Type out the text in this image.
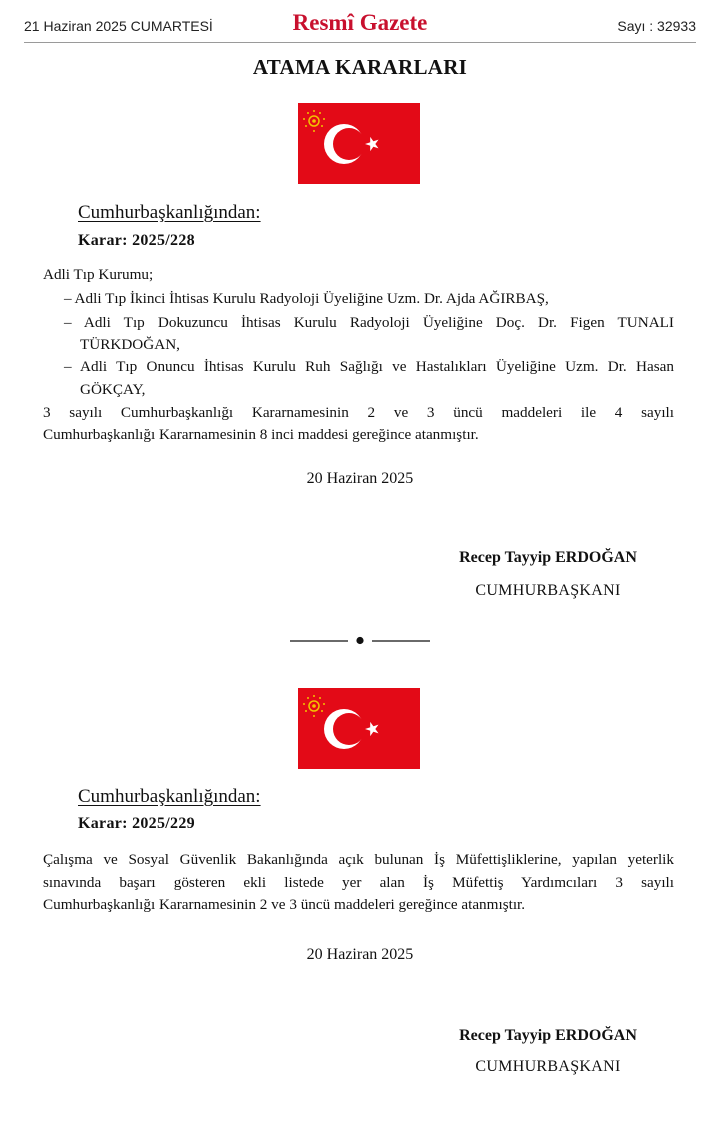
21 Haziran 2025 CUMARTESİ	Resmî Gazete	Sayı : 32933
ATAMA KARARLARI
Cumhurbaşkanlığından:
Karar: 2025/228
Adli Tıp Kurumu;
– Adli Tıp İkinci İhtisas Kurulu Radyoloji Üyeliğine Uzm. Dr. Ajda AĞIRBAŞ,
– Adli Tıp Dokuzuncu İhtisas Kurulu Radyoloji Üyeliğine Doç. Dr. Figen TUNALI
TÜRKDOĞAN,
– Adli Tıp Onuncu İhtisas Kurulu Ruh Sağlığı ve Hastalıkları Üyeliğine Uzm. Dr. Hasan
GÖKÇAY,
3 sayılı Cumhurbaşkanlığı Kararnamesinin 2 ve 3 üncü maddeleri ile 4 sayılı
Cumhurbaşkanlığı Kararnamesinin 8 inci maddesi gereğince atanmıştır.
20 Haziran 2025
Recep Tayyip ERDOĞAN
CUMHURBAŞKANI
Cumhurbaşkanlığından:
Karar: 2025/229
Çalışma ve Sosyal Güvenlik Bakanlığında açık bulunan İş Müfettişliklerine, yapılan yeterlik
sınavında başarı gösteren ekli listede yer alan İş Müfettiş Yardımcıları 3 sayılı
Cumhurbaşkanlığı Kararnamesinin 2 ve 3 üncü maddeleri gereğince atanmıştır.
20 Haziran 2025
Recep Tayyip ERDOĞAN
CUMHURBAŞKANI
